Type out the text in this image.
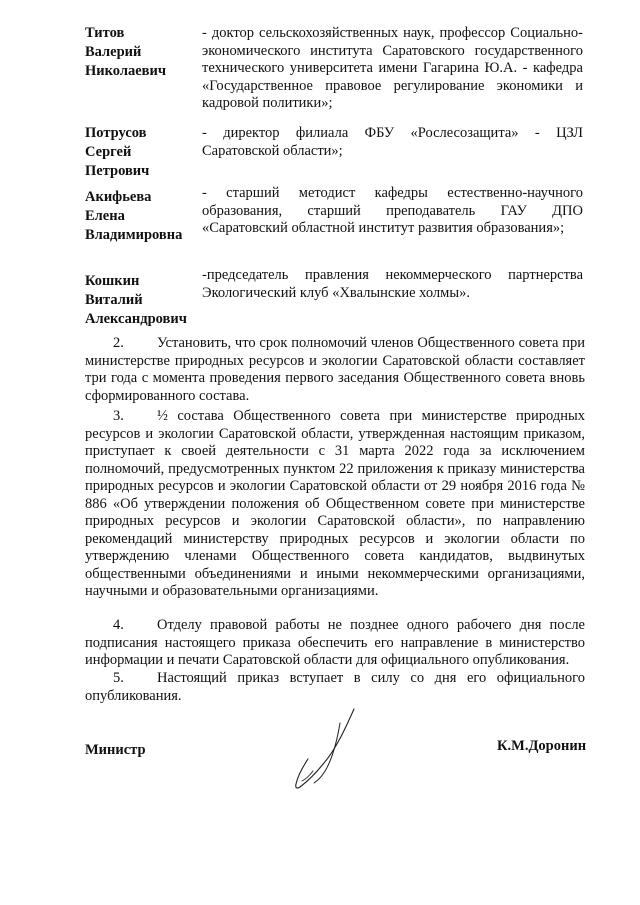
Титов
Валерий
Николаевич
- доктор сельскохозяйственных наук, профессор Социально-экономического института Саратовского государственного технического университета имени Гагарина Ю.А. - кафедра «Государственное правовое регулирование экономики и кадровой политики»;
Потрусов
Сергей
Петрович
- директор филиала ФБУ «Рослесозащита» - ЦЗЛ Саратовской области»;
Акифьева
Елена
Владимировна
- старший методист кафедры естественно-научного образования, старший преподаватель ГАУ ДПО «Саратовский областной институт развития образования»;
Кошкин
Виталий
Александрович
-председатель правления некоммерческого партнерства Экологический клуб «Хвалынские холмы».
2. Установить, что срок полномочий членов Общественного совета при министерстве природных ресурсов и экологии Саратовской области составляет три года с момента проведения первого заседания Общественного совета вновь сформированного состава.
3. ½ состава Общественного совета при министерстве природных ресурсов и экологии Саратовской области, утвержденная настоящим приказом, приступает к своей деятельности с 31 марта 2022 года за исключением полномочий, предусмотренных пунктом 22 приложения к приказу министерства природных ресурсов и экологии Саратовской области от 29 ноября 2016 года № 886 «Об утверждении положения об Общественном совете при министерстве природных ресурсов и экологии Саратовской области», по направлению рекомендаций министерству природных ресурсов и экологии области по утверждению членами Общественного совета кандидатов, выдвинутых общественными объединениями и иными некоммерческими организациями, научными и образовательными организациями.
4. Отделу правовой работы не позднее одного рабочего дня после подписания настоящего приказа обеспечить его направление в министерство информации и печати Саратовской области для официального опубликования.
5. Настоящий приказ вступает в силу со дня его официального опубликования.
Министр	К.М.Доронин
